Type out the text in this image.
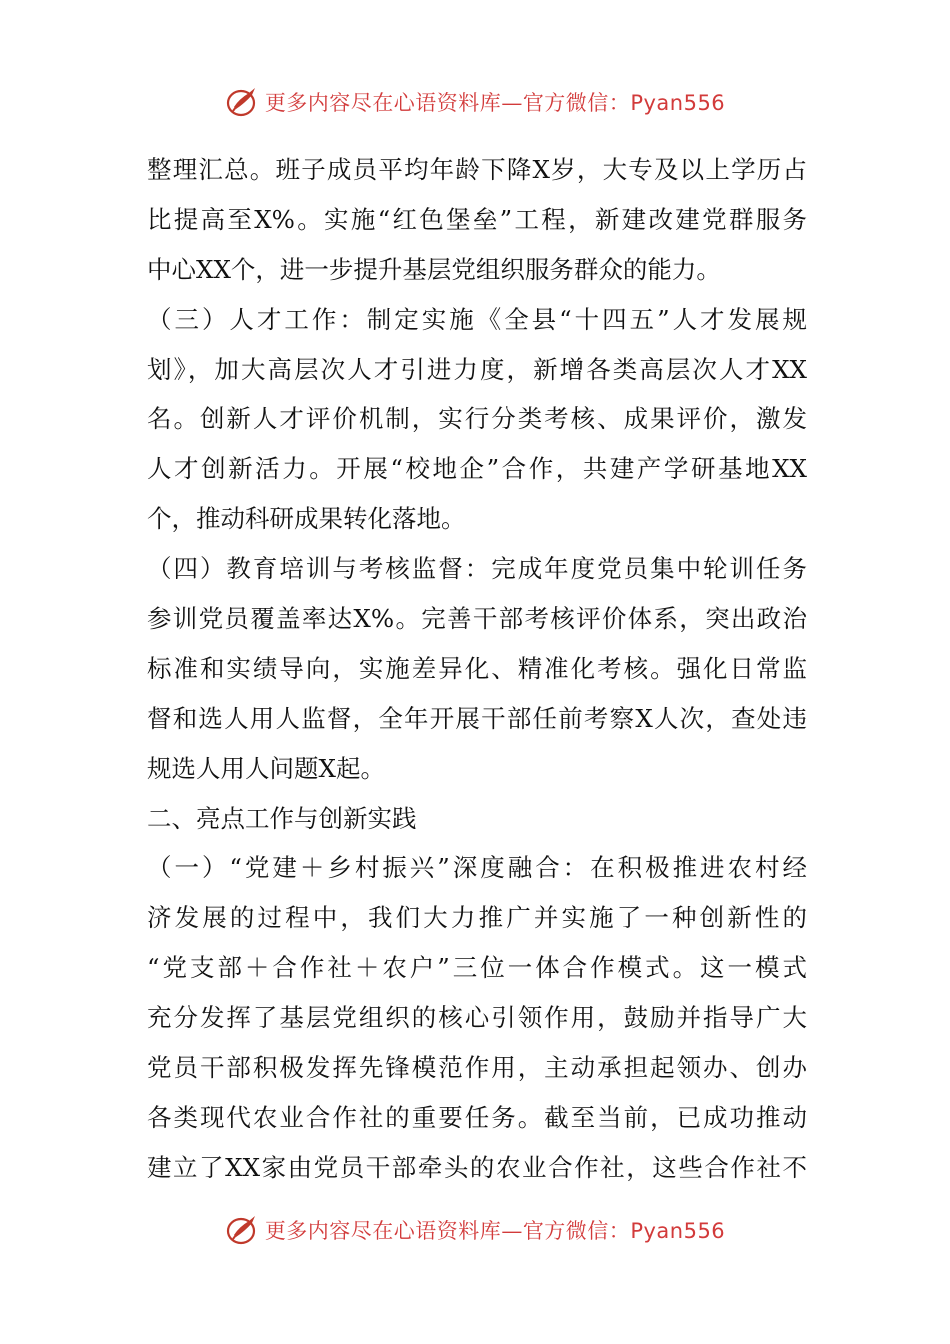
更多内容尽在心语资料库—官方微信：Pyan556
整理汇总。班子成员平均年龄下降X岁，大专及以上学历占
比提高至X%。实施“红色堡垒”工程，新建改建党群服务
中心XX个，进一步提升基层党组织服务群众的能力。
（三）人才工作：制定实施《全县“十四五”人才发展规
划》，加大高层次人才引进力度，新增各类高层次人才XX
名。创新人才评价机制，实行分类考核、成果评价，激发
人才创新活力。开展“校地企”合作，共建产学研基地XX
个，推动科研成果转化落地。
（四）教育培训与考核监督：完成年度党员集中轮训任务
参训党员覆盖率达X%。完善干部考核评价体系，突出政治
标准和实绩导向，实施差异化、精准化考核。强化日常监
督和选人用人监督，全年开展干部任前考察X人次，查处违
规选人用人问题X起。
二、亮点工作与创新实践
（一）“党建＋乡村振兴”深度融合：在积极推进农村经
济发展的过程中，我们大力推广并实施了一种创新性的
“党支部＋合作社＋农户”三位一体合作模式。这一模式
充分发挥了基层党组织的核心引领作用，鼓励并指导广大
党员干部积极发挥先锋模范作用，主动承担起领办、创办
各类现代农业合作社的重要任务。截至当前，已成功推动
建立了XX家由党员干部牵头的农业合作社，这些合作社不
更多内容尽在心语资料库—官方微信：Pyan556
